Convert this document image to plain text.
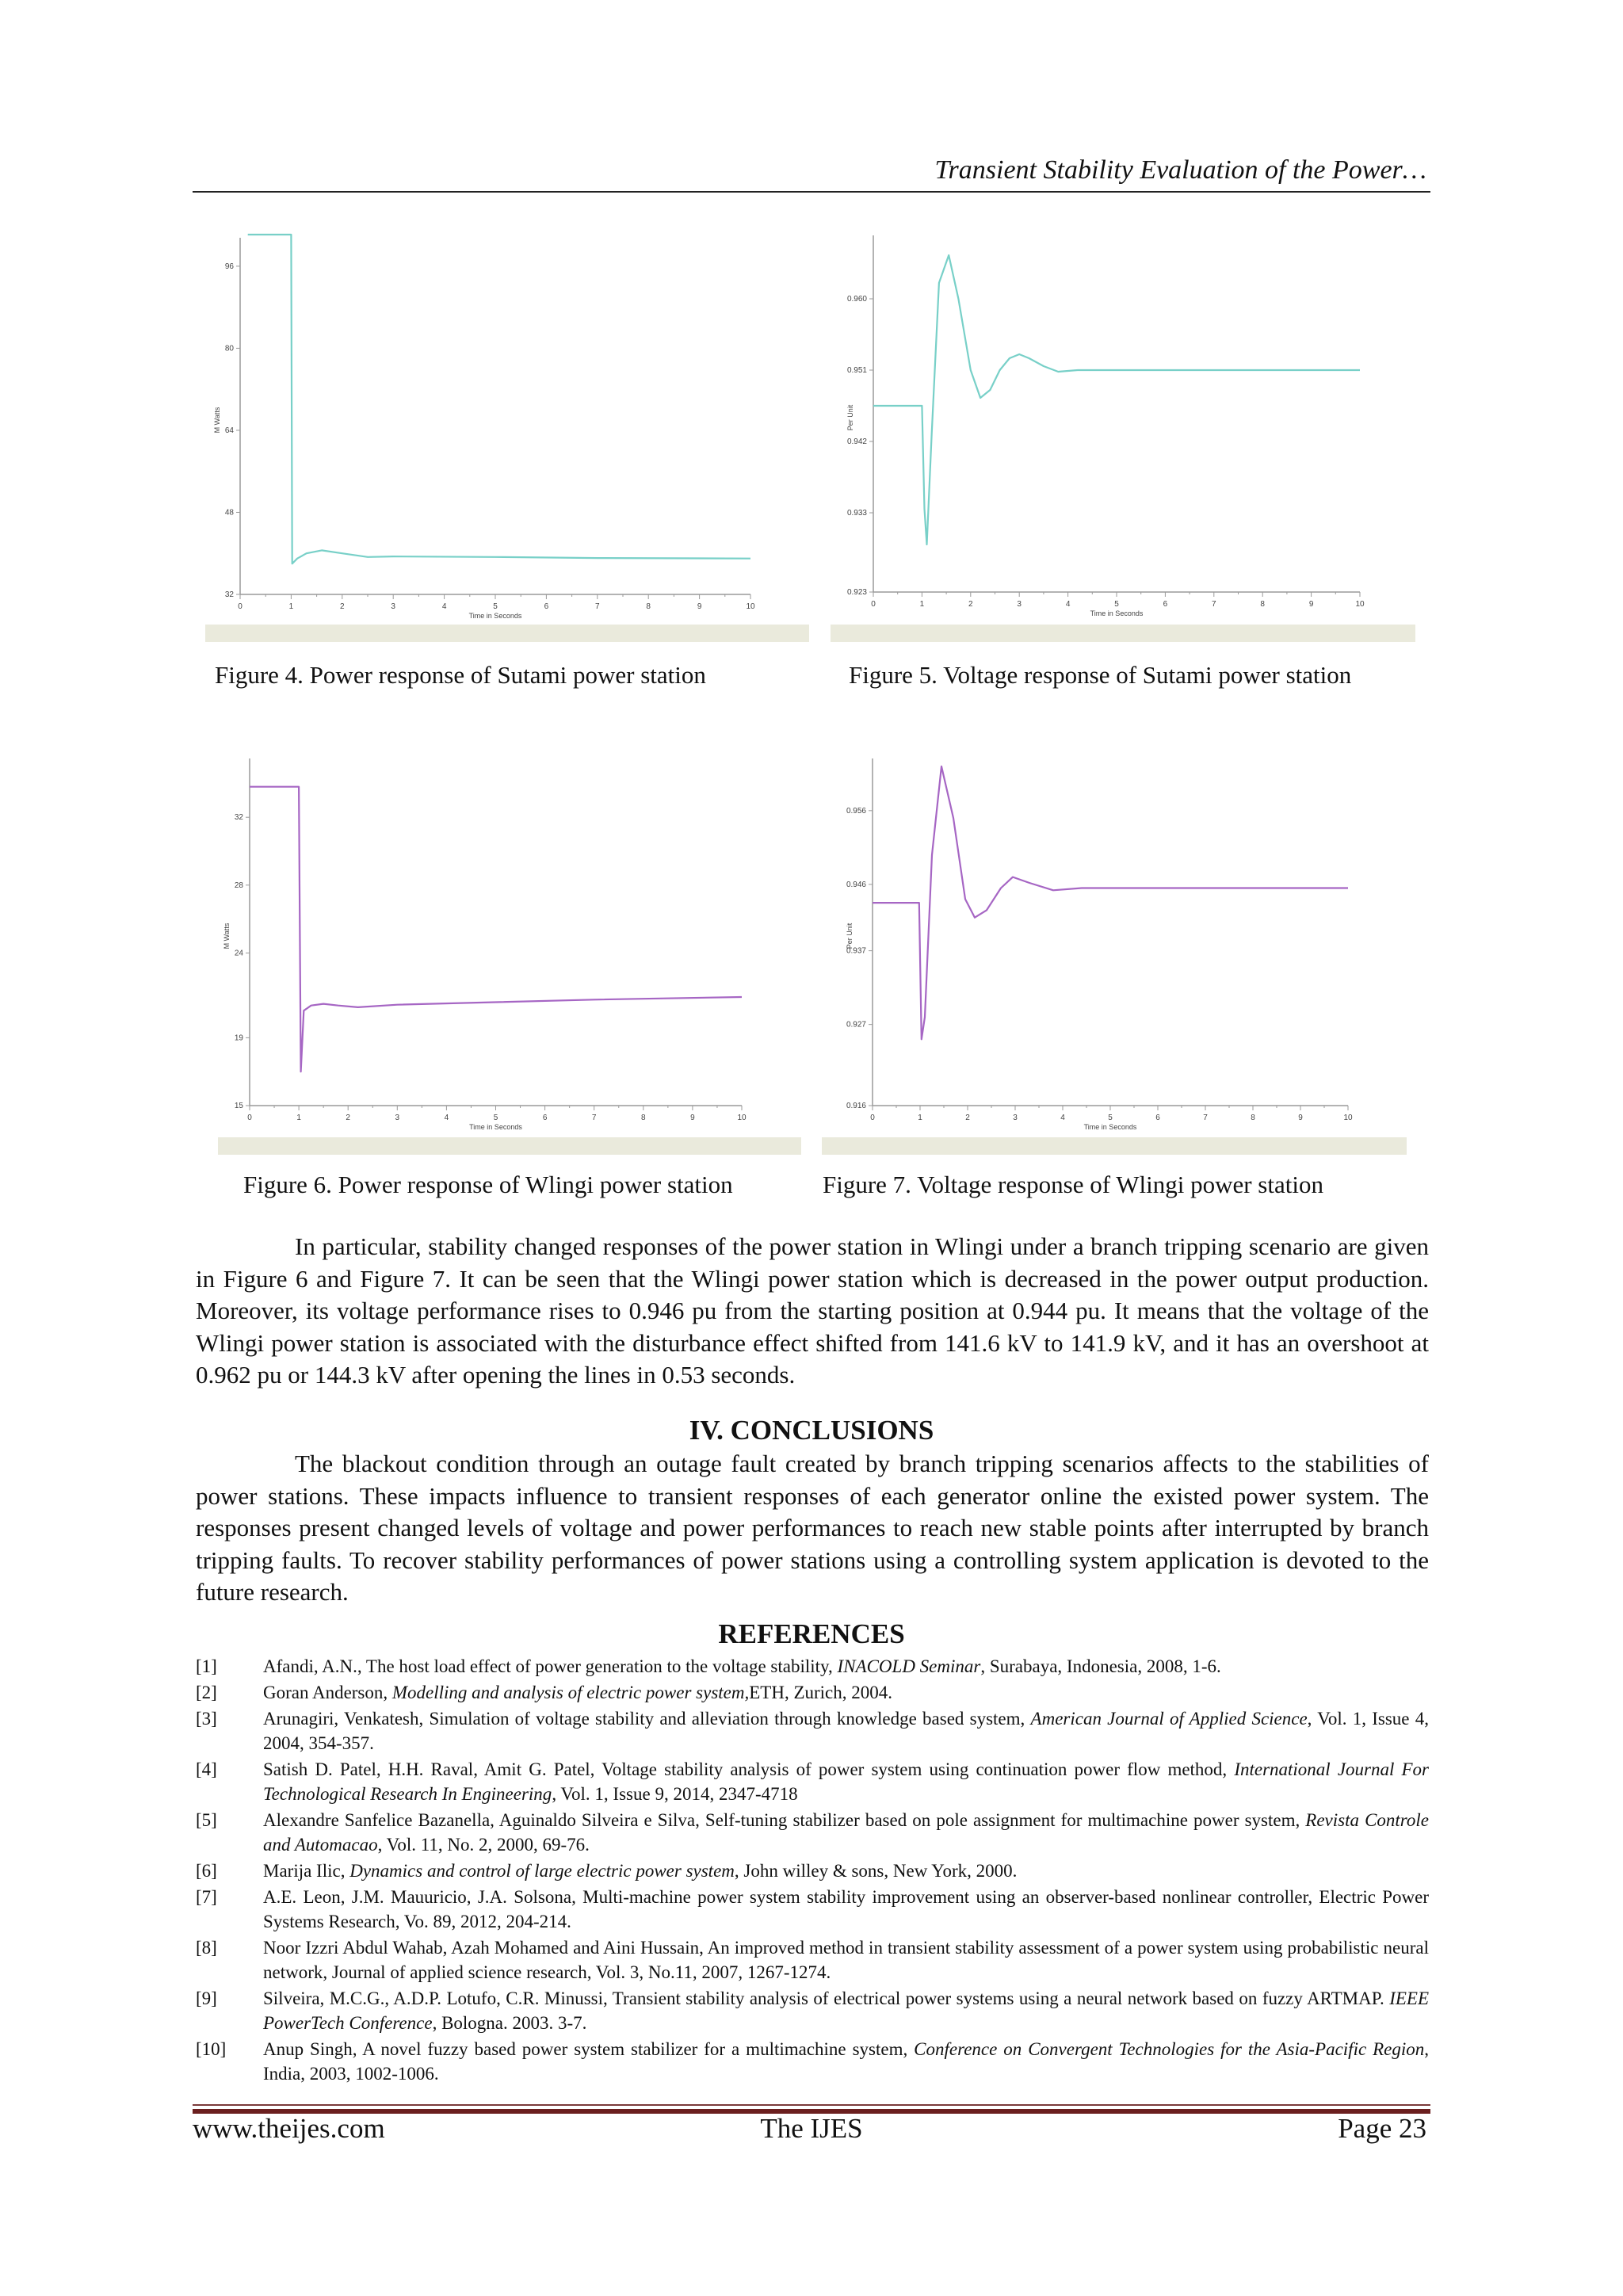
Transient Stability Evaluation of the Power…
0	1	2	3	4	5	6	7	8	9	10
32
48
64
80
96
Time in Seconds
M Watts
Figure 4. Power response of Sutami power station
0	1	2	3	4	5	6	7	8	9	10
0.923
0.933
0.942
0.951
0.960
Time in Seconds
Per Unit
Figure 5. Voltage response of Sutami power station
0	1	2	3	4	5	6	7	8	9	10
15
19
24
28
32
Time in Seconds
M Watts
Figure 6. Power response of Wlingi power station
0	1	2	3	4	5	6	7	8	9	10
0.916
0.927
0.937
0.946
0.956
Time in Seconds
Per Unit
Figure 7. Voltage response of Wlingi power station

In particular, stability changed responses of the power station in Wlingi under a branch tripping scenario are given in Figure 6 and Figure 7. It can be seen that the Wlingi power station which is decreased in the power output production. Moreover, its voltage performance rises to 0.946 pu from the starting position at 0.944 pu. It means that the voltage of the Wlingi power station is associated with the disturbance effect shifted from 141.6 kV to 141.9 kV, and it has an overshoot at 0.962 pu or 144.3 kV after opening the lines in 0.53 seconds.

IV. CONCLUSIONS

The blackout condition through an outage fault created by branch tripping scenarios affects to the stabilities of power stations. These impacts influence to transient responses of each generator online the existed power system. The responses present changed levels of voltage and power performances to reach new stable points after interrupted by branch tripping faults. To recover stability performances of power stations using a controlling system application is devoted to the future research.

REFERENCES
[1]	Afandi, A.N., The host load effect of power generation to the voltage stability, INACOLD Seminar, Surabaya, Indonesia, 2008, 1-6.
[2]	Goran Anderson, Modelling and analysis of electric power system,ETH, Zurich, 2004.
[3]	Arunagiri, Venkatesh, Simulation of voltage stability and alleviation through knowledge based system, American Journal of Applied Science, Vol. 1, Issue 4, 2004, 354-357.
[4]	Satish D. Patel, H.H. Raval, Amit G. Patel, Voltage stability analysis of power system using continuation power flow method, International Journal For Technological Research In Engineering, Vol. 1, Issue 9, 2014, 2347-4718
[5]	Alexandre Sanfelice Bazanella, Aguinaldo Silveira e Silva, Self-tuning stabilizer based on pole assignment for multimachine power system, Revista Controle and Automacao, Vol. 11, No. 2, 2000, 69-76.
[6]	Marija Ilic, Dynamics and control of large electric power system, John willey & sons, New York, 2000.
[7]	A.E. Leon, J.M. Mauuricio, J.A. Solsona, Multi-machine power system stability improvement using an observer-based nonlinear controller, Electric Power Systems Research, Vo. 89, 2012, 204-214.
[8]	Noor Izzri Abdul Wahab, Azah Mohamed and Aini Hussain, An improved method in transient stability assessment of a power system using probabilistic neural network, Journal of applied science research, Vol. 3, No.11, 2007, 1267-1274.
[9]	Silveira, M.C.G., A.D.P. Lotufo, C.R. Minussi, Transient stability analysis of electrical power systems using a neural network based on fuzzy ARTMAP. IEEE PowerTech Conference, Bologna. 2003. 3-7.
[10] Anup Singh, A novel fuzzy based power system stabilizer for a multimachine system, Conference on Convergent Technologies for the Asia-Pacific Region, India, 2003, 1002-1006.
www.theijes.com	The IJES	Page 23
